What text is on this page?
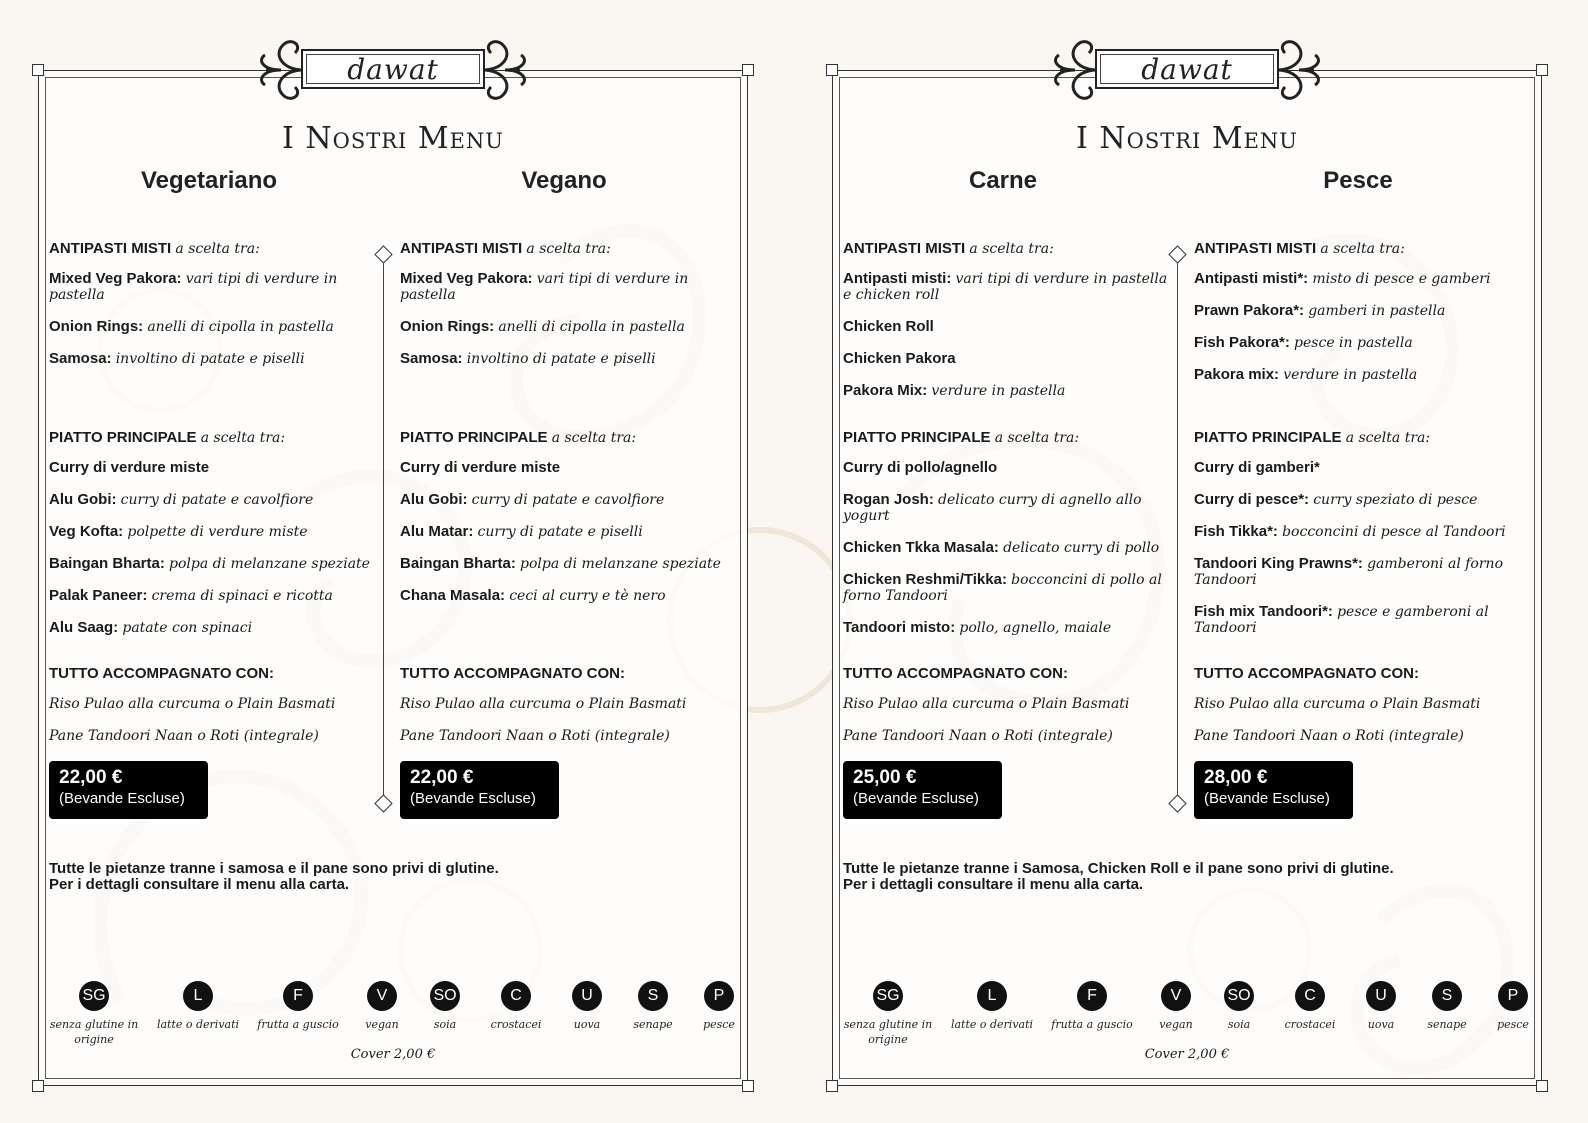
dawat
I Nostri Menu
Vegetariano	Vegano
ANTIPASTI MISTI a scelta tra:
Mixed Veg Pakora: vari tipi di verdure in pastella
Onion Rings: anelli di cipolla in pastella
Samosa: involtino di patate e piselli
PIATTO PRINCIPALE a scelta tra:
Curry di verdure miste
Alu Gobi: curry di patate e cavolfiore
Veg Kofta: polpette di verdure miste
Baingan Bharta: polpa di melanzane speziate
Palak Paneer: crema di spinaci e ricotta
Alu Saag: patate con spinaci
TUTTO ACCOMPAGNATO CON:
Riso Pulao alla curcuma o Plain Basmati
Pane Tandoori Naan o Roti (integrale)
22,00 €
(Bevande Escluse)
ANTIPASTI MISTI a scelta tra:
Mixed Veg Pakora: vari tipi di verdure in pastella
Onion Rings: anelli di cipolla in pastella
Samosa: involtino di patate e piselli
PIATTO PRINCIPALE a scelta tra:
Curry di verdure miste
Alu Gobi: curry di patate e cavolfiore
Alu Matar: curry di patate e piselli
Baingan Bharta: polpa di melanzane speziate
Chana Masala: ceci al curry e tè nero
TUTTO ACCOMPAGNATO CON:
Riso Pulao alla curcuma o Plain Basmati
Pane Tandoori Naan o Roti (integrale)
22,00 €
(Bevande Escluse)
Tutte le pietanze tranne i samosa e il pane sono privi di glutine.
Per i dettagli consultare il menu alla carta.
SG
senza glutine in origine
L
latte o derivati
F
frutta a guscio
V
vegan
SO
soia
C
crostacei
U
uova
S
senape
P
pesce
Cover 2,00 €
dawat
I Nostri Menu
Carne	Pesce
ANTIPASTI MISTI a scelta tra:
Antipasti misti: vari tipi di verdure in pastella e chicken roll
Chicken Roll
Chicken Pakora
Pakora Mix: verdure in pastella
PIATTO PRINCIPALE a scelta tra:
Curry di pollo/agnello
Rogan Josh: delicato curry di agnello allo yogurt
Chicken Tkka Masala: delicato curry di pollo
Chicken Reshmi/Tikka: bocconcini di pollo al forno Tandoori
Tandoori misto: pollo, agnello, maiale
TUTTO ACCOMPAGNATO CON:
Riso Pulao alla curcuma o Plain Basmati
Pane Tandoori Naan o Roti (integrale)
25,00 €
(Bevande Escluse)
ANTIPASTI MISTI a scelta tra:
Antipasti misti*: misto di pesce e gamberi
Prawn Pakora*: gamberi in pastella
Fish Pakora*: pesce in pastella
Pakora mix: verdure in pastella
PIATTO PRINCIPALE a scelta tra:
Curry di gamberi*
Curry di pesce*: curry speziato di pesce
Fish Tikka*: bocconcini di pesce al Tandoori
Tandoori King Prawns*: gamberoni al forno Tandoori
Fish mix Tandoori*: pesce e gamberoni al Tandoori
TUTTO ACCOMPAGNATO CON:
Riso Pulao alla curcuma o Plain Basmati
Pane Tandoori Naan o Roti (integrale)
28,00 €
(Bevande Escluse)
Tutte le pietanze tranne i Samosa, Chicken Roll e il pane sono privi di glutine.
Per i dettagli consultare il menu alla carta.
SG
senza glutine in origine
L
latte o derivati
F
frutta a guscio
V
vegan
SO
soia
C
crostacei
U
uova
S
senape
P
pesce
Cover 2,00 €
